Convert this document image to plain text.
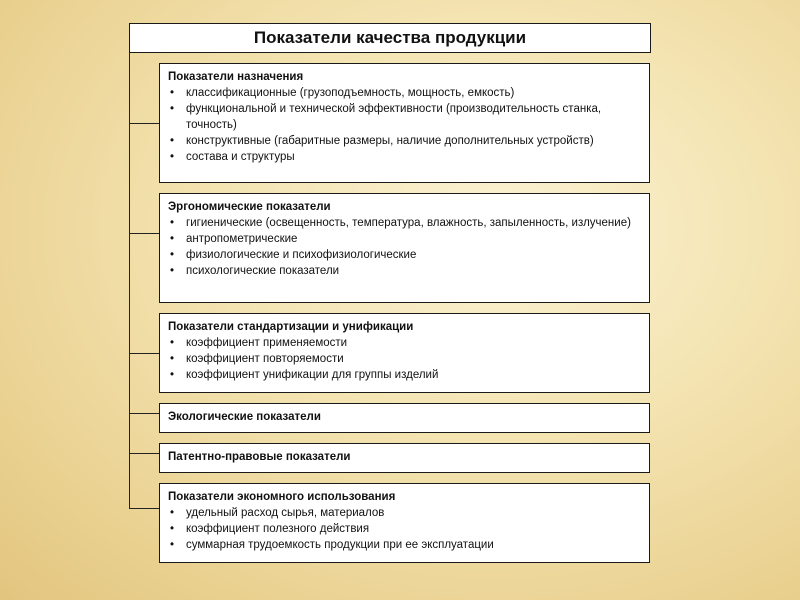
Показатели качества продукции
Показатели назначения
• классификационные (грузоподъемность, мощность, емкость)
• функциональной и технической эффективности (производительность станка, точность)
• конструктивные (габаритные размеры, наличие дополнительных устройств)
• состава и структуры
Эргономические показатели
• гигиенические (освещенность, температура, влажность, запыленность, излучение)
• антропометрические
• физиологические и психофизиологические
• психологические показатели
Показатели стандартизации и унификации
• коэффициент применяемости
• коэффициент повторяемости
• коэффициент унификации для группы изделий
Экологические показатели
Патентно-правовые показатели
Показатели экономного использования
• удельный расход сырья, материалов
• коэффициент полезного действия
• суммарная трудоемкость продукции при ее эксплуатации
